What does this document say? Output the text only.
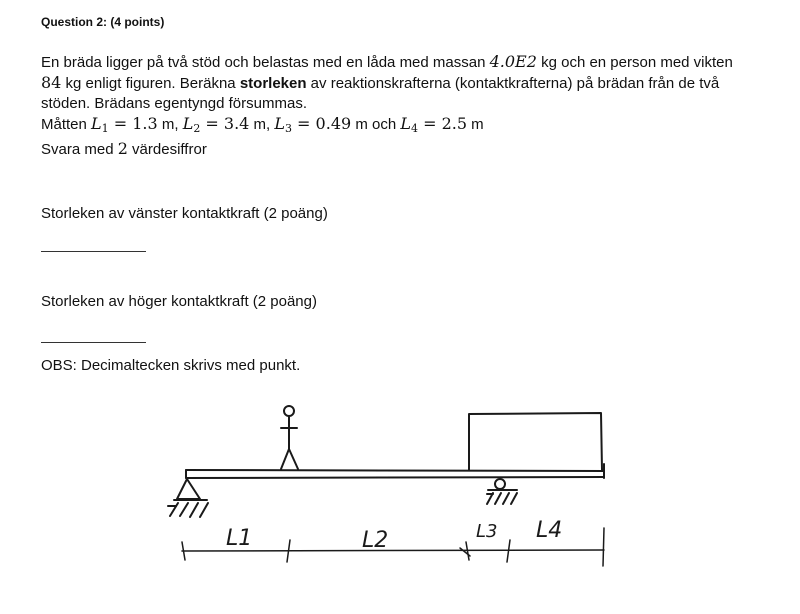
Question 2: (4 points)
En bräda ligger på två stöd och belastas med en låda med massan 4.0E2 kg och en person med vikten
84 kg enligt figuren. Beräkna storleken av reaktionskrafterna (kontaktkrafterna) på brädan från de två
stöden. Brädans egentyngd försummas.
Måtten $L_1 = 1.3$ m, $L_2 = 3.4$ m, $L_3 = 0.49$ m och $L_4 = 2.5$ m
Svara med 2 värdesiffror
Storleken av vänster kontaktkraft (2 poäng)
Storleken av höger kontaktkraft (2 poäng)
OBS: Decimaltecken skrivs med punkt.
L1	L2	L3 L4
